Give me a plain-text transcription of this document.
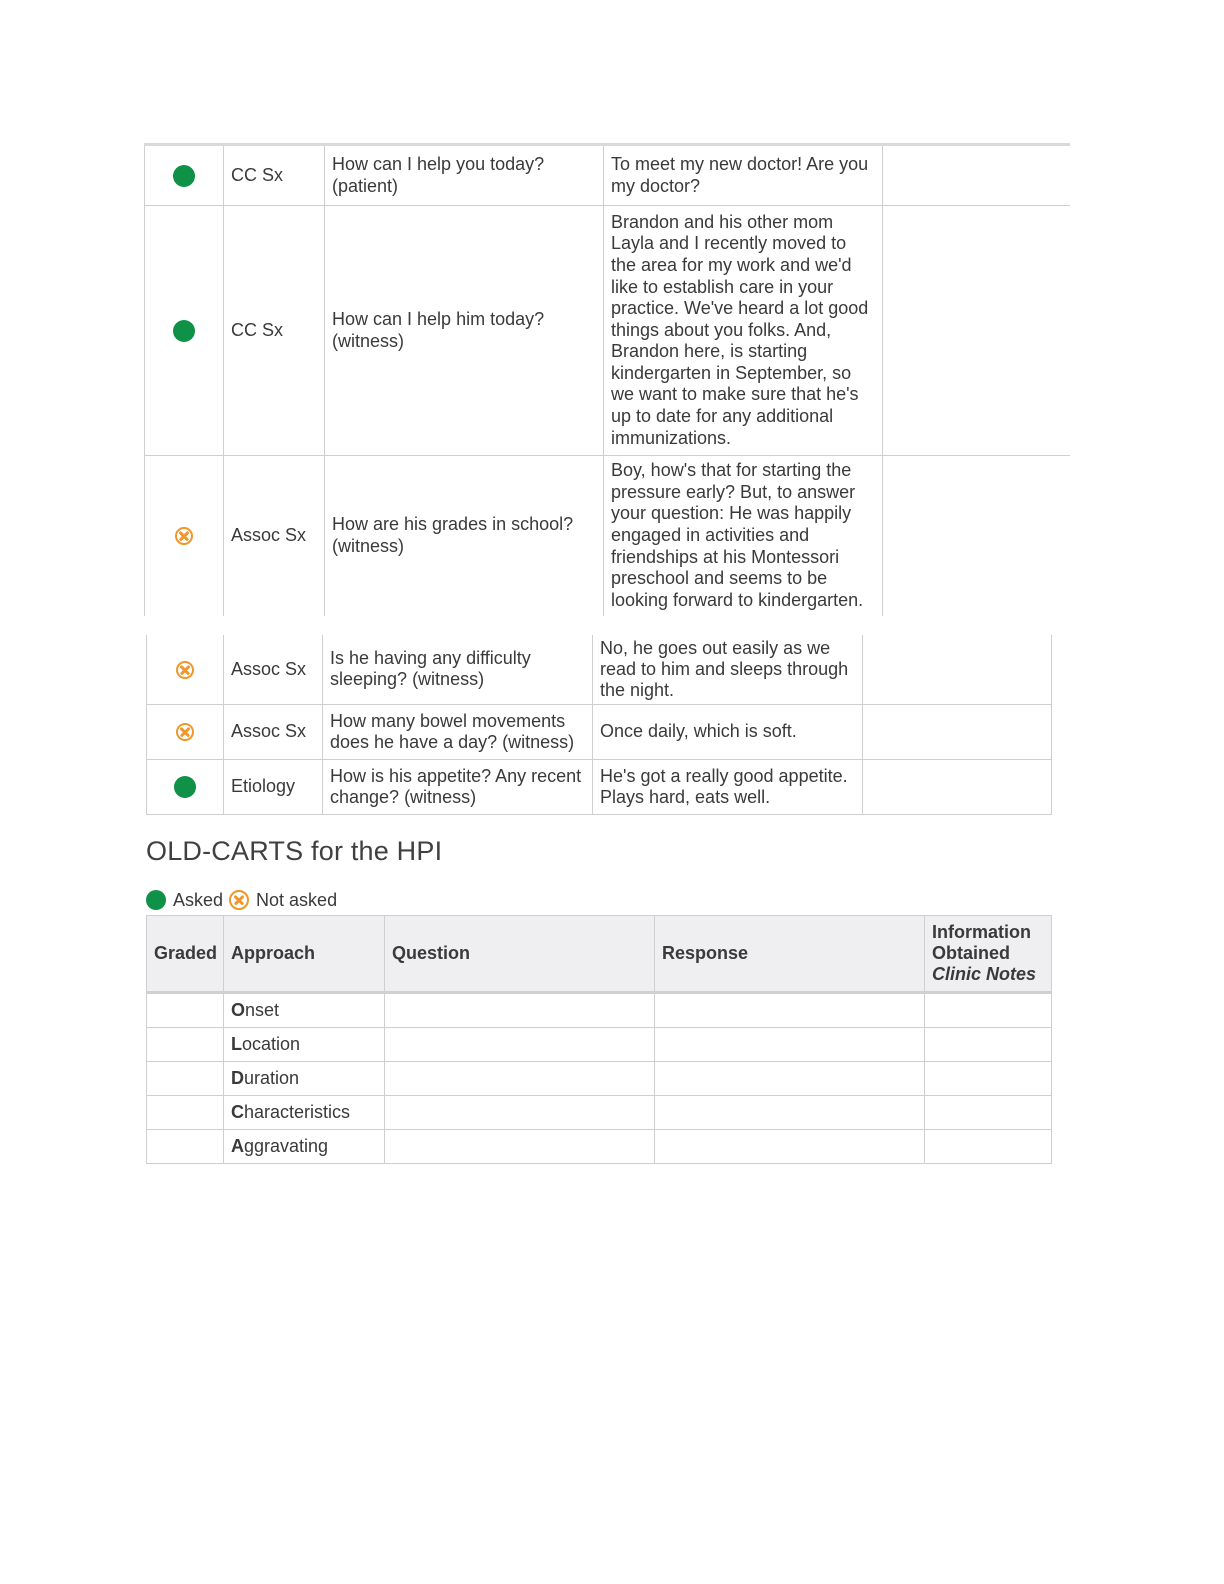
	CC Sx	How can I help you today? (patient)	To meet my new doctor! Are you my doctor?	
	CC Sx	How can I help him today? (witness)	Brandon and his other mom Layla and I recently moved to the area for my work and we'd like to establish care in your practice. We've heard a lot good things about you folks. And, Brandon here, is starting kindergarten in September, so we want to make sure that he's up to date for any additional immunizations.	
	Assoc Sx	How are his grades in school? (witness)	Boy, how's that for starting the pressure early? But, to answer your question: He was happily engaged in activities and friendships at his Montessori preschool and seems to be looking forward to kindergarten.	
	Assoc Sx	Is he having any difficulty sleeping? (witness)	No, he goes out easily as we read to him and sleeps through the night.	
	Assoc Sx	How many bowel movements does he have a day? (witness)	Once daily, which is soft.	
	Etiology	How is his appetite? Any recent change? (witness)	He's got a really good appetite. Plays hard, eats well.	
OLD-CARTS for the HPI
Asked Not asked
Graded	Approach	Question	Response	Information
Obtained
Clinic Notes
	Onset			
	Location			
	Duration			
	Characteristics			
	Aggravating			
